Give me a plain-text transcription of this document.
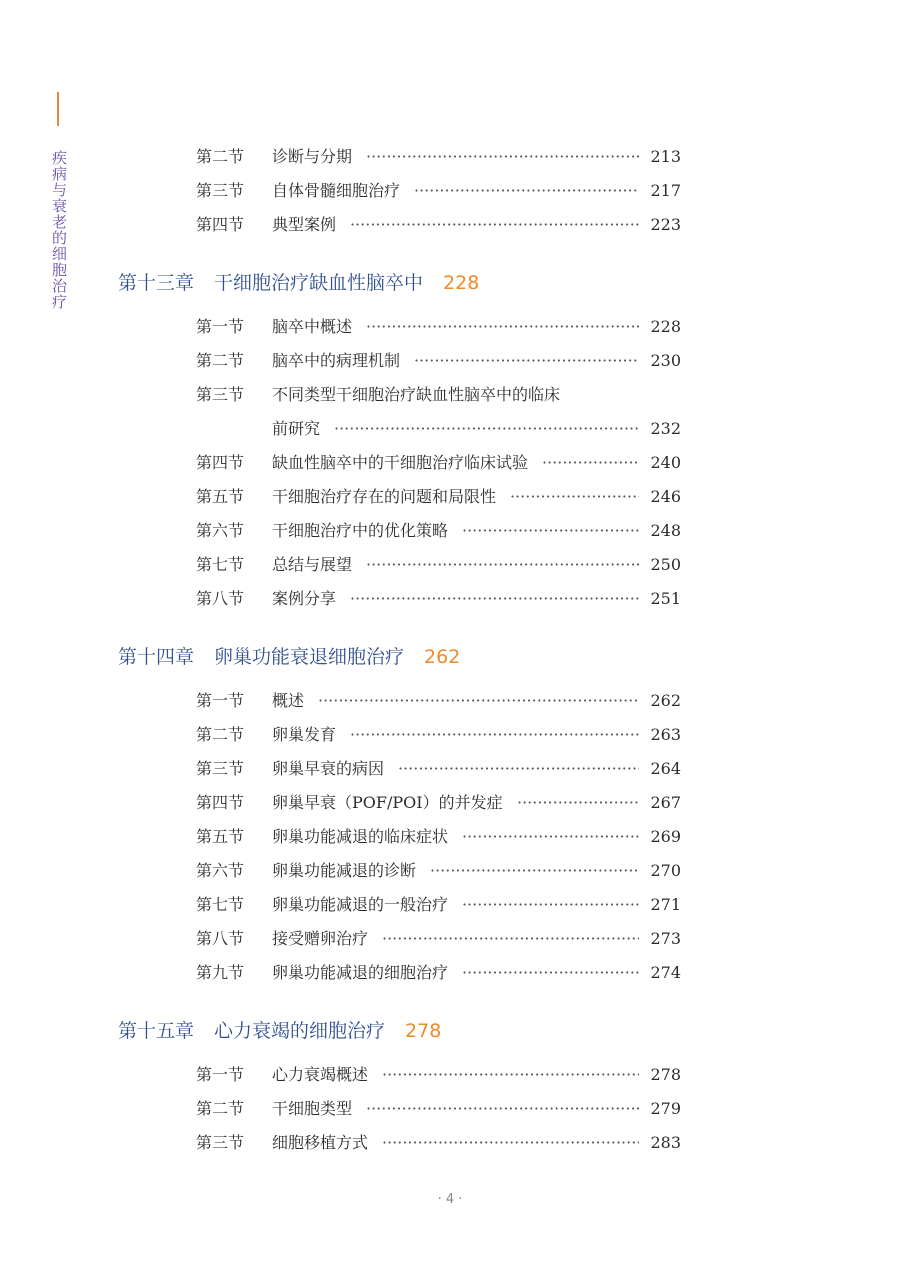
疾病与衰老的细胞治疗	第二节 诊断与分期 ·····	213
第三节 自体骨髓细胞治疗 ·····	217
第四节 典型案例 ·····	223
第十三章 干细胞治疗缺血性脑卒中 228
第一节 脑卒中概述 ·····	228
第二节 脑卒中的病理机制 ·····	230
第三节 不同类型干细胞治疗缺血性脑卒中的临床
前研究 ·····	232
第四节 缺血性脑卒中的干细胞治疗临床试验 ·····	240
第五节 干细胞治疗存在的问题和局限性 ·····	246
第六节 干细胞治疗中的优化策略 ·····	248
第七节 总结与展望 ·····	250
第八节 案例分享 ·····	251
第十四章 卵巢功能衰退细胞治疗 262
第一节 概述 ·····	262
第二节 卵巢发育 ·····	263
第三节 卵巢早衰的病因 ·····	264
第四节 卵巢早衰（POF/POI）的并发症 ·····	267
第五节 卵巢功能减退的临床症状 ·····	269
第六节 卵巢功能减退的诊断 ·····	270
第七节 卵巢功能减退的一般治疗 ·····	271
第八节 接受赠卵治疗 ·····	273
第九节 卵巢功能减退的细胞治疗 ·····	274
第十五章 心力衰竭的细胞治疗 278
第一节 心力衰竭概述 ·····	278
第二节 干细胞类型 ·····	279
第三节 细胞移植方式 ·····	283
· 4 ·
